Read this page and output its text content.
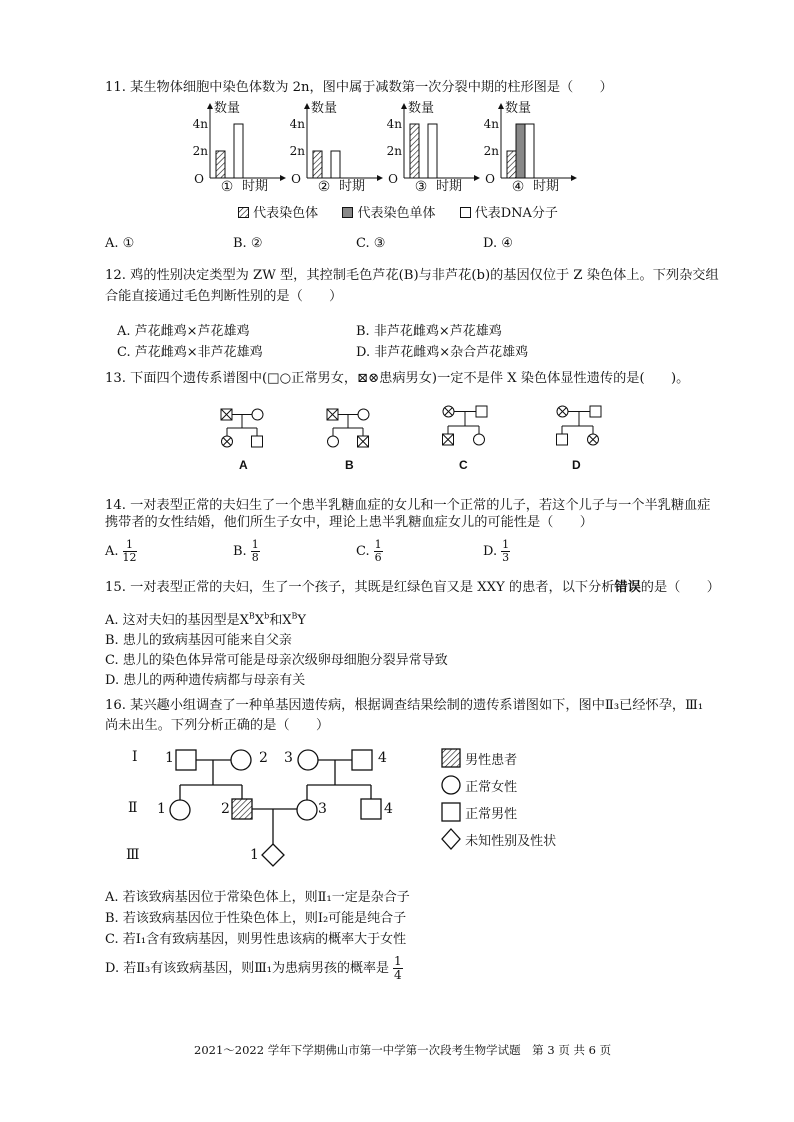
11. 某生物体细胞中染色体数为 2n，图中属于减数第一次分裂中期的柱形图是（　　）
4n
2n
O
数量
时期
①
4n
2n
O
数量
时期
②
4n
2n
O
数量
时期
③
4n
2n
O
数量
时期
④
代表染色体	代表染色单体	代表DNA分子
A. ①	B. ②	C. ③	D. ④
12. 鸡的性别决定类型为 ZW 型，其控制毛色芦花(B)与非芦花(b)的基因仅位于 Z 染色体上。下列杂交组
合能直接通过毛色判断性别的是（　　）
A. 芦花雌鸡×芦花雄鸡	B. 非芦花雌鸡×芦花雄鸡
C. 芦花雌鸡×非芦花雄鸡	D. 非芦花雌鸡×杂合芦花雄鸡
13. 下面四个遗传系谱图中(□○正常男女，⊠⊗患病男女)一定不是伴 X 染色体显性遗传的是(　　)。
A	B	C	D
14. 一对表型正常的夫妇生了一个患半乳糖血症的女儿和一个正常的儿子，若这个儿子与一个半乳糖血症
携带者的女性结婚，他们所生子女中，理论上患半乳糖血症女儿的可能性是（　　）
A. $\frac{1}{12}$	B. $\frac{1}{8}$	C. $\frac{1}{6}$	D. $\frac{1}{3}$
15. 一对表型正常的夫妇，生了一个孩子，其既是红绿色盲又是 XXY 的患者，以下分析错误的是（　　）
A. 这对夫妇的基因型是$X^BX^b$和$X^BY$
B. 患儿的致病基因可能来自父亲
C. 患儿的染色体异常可能是母亲次级卵母细胞分裂异常导致
D. 患儿的两种遗传病都与母亲有关
16. 某兴趣小组调查了一种单基因遗传病，根据调查结果绘制的遗传系谱图如下，图中Ⅱ₃已经怀孕，Ⅲ₁
尚未出生。下列分析正确的是（　　）
Ⅰ
Ⅱ
Ⅲ
1	2 3	4
1	2	3	4
1
男性患者
正常女性
正常男性
未知性别及性状
A. 若该致病基因位于常染色体上，则Ⅱ₁一定是杂合子
B. 若该致病基因位于性染色体上，则Ⅰ₂可能是纯合子
C. 若Ⅰ₁含有致病基因，则男性患该病的概率大于女性
D. 若Ⅱ₃有该致病基因，则Ⅲ₁为患病男孩的概率是 $\frac{1}{4}$
2021～2022 学年下学期佛山市第一中学第一次段考生物学试题　第 3 页 共 6 页
